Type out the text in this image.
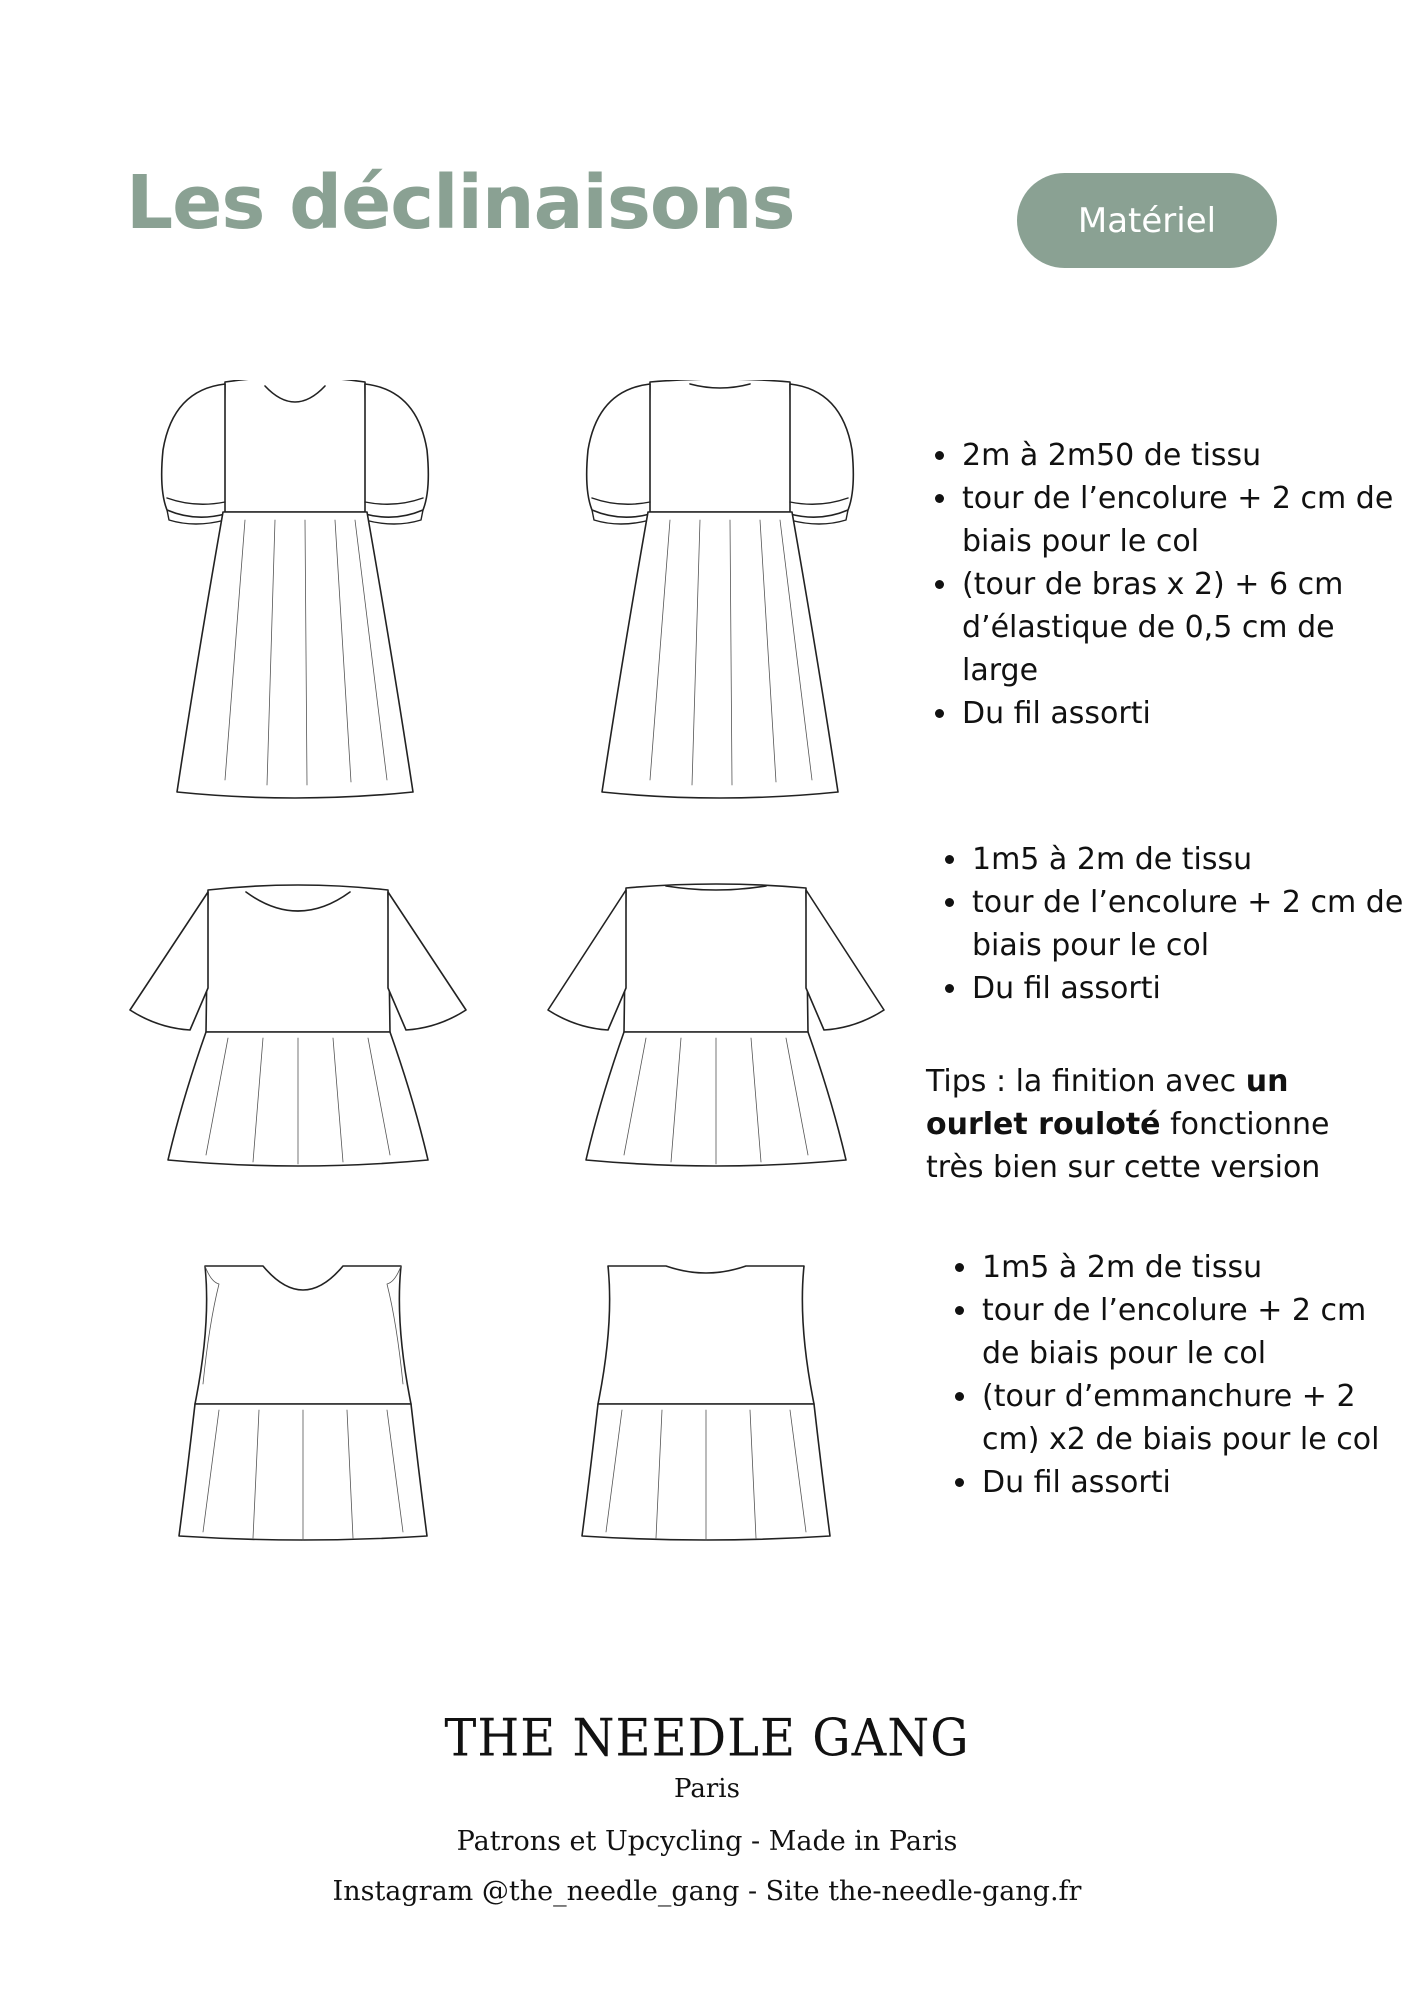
Les déclinaisons	Matériel
• 2m à 2m50 de tissu
• tour de l’encolure + 2 cm de biais pour le col
• (tour de bras x 2) + 6 cm d’élastique de 0,5 cm de large
• Du fil assorti
• 1m5 à 2m de tissu
• tour de l’encolure + 2 cm de biais pour le col
• Du fil assorti

Tips : la finition avec un ourlet rouloté fonctionne très bien sur cette version

• 1m5 à 2m de tissu
• tour de l’encolure + 2 cm de biais pour le col
• (tour d’emmanchure + 2 cm) x2 de biais pour le col
• Du fil assorti

THE NEEDLE GANG

Paris

Patrons et Upcycling - Made in Paris

Instagram @the_needle_gang - Site the-needle-gang.fr
